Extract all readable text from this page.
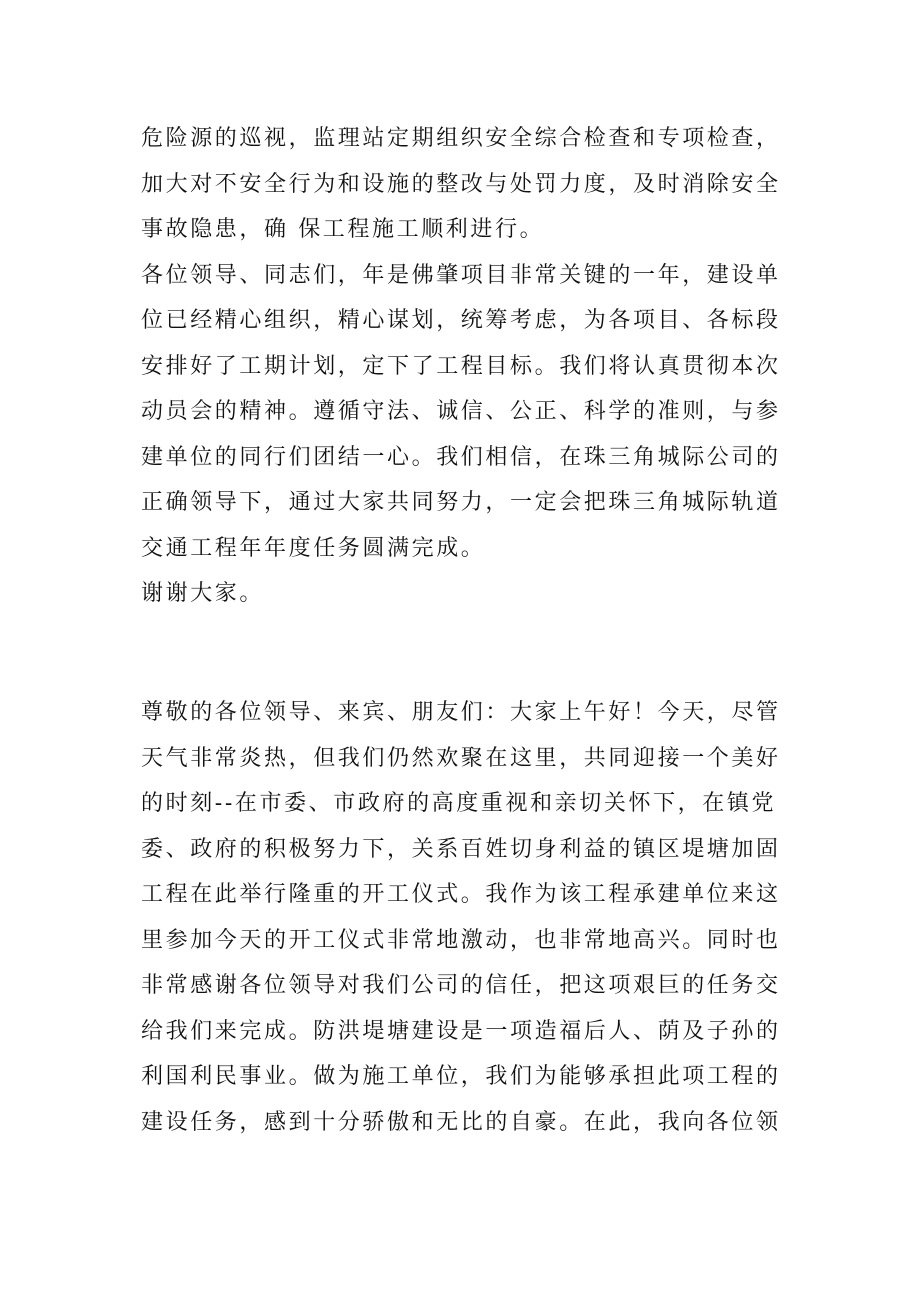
危险源的巡视，监理站定期组织安全综合检查和专项检查，
加大对不安全行为和设施的整改与处罚力度，及时消除安全
事故隐患，确 保工程施工顺利进行。
各位领导、同志们，年是佛肇项目非常关键的一年，建设单
位已经精心组织，精心谋划，统筹考虑，为各项目、各标段
安排好了工期计划，定下了工程目标。我们将认真贯彻本次
动员会的精神。遵循守法、诚信、公正、科学的准则，与参
建单位的同行们团结一心。我们相信，在珠三角城际公司的
正确领导下，通过大家共同努力，一定会把珠三角城际轨道
交通工程年年度任务圆满完成。
谢谢大家。
尊敬的各位领导、来宾、朋友们：大家上午好！今天，尽管
天气非常炎热，但我们仍然欢聚在这里，共同迎接一个美好
的时刻--在市委、市政府的高度重视和亲切关怀下，在镇党
委、政府的积极努力下，关系百姓切身利益的镇区堤塘加固
工程在此举行隆重的开工仪式。我作为该工程承建单位来这
里参加今天的开工仪式非常地激动，也非常地高兴。同时也
非常感谢各位领导对我们公司的信任，把这项艰巨的任务交
给我们来完成。防洪堤塘建设是一项造福后人、荫及子孙的
利国利民事业。做为施工单位，我们为能够承担此项工程的
建设任务，感到十分骄傲和无比的自豪。在此，我向各位领
